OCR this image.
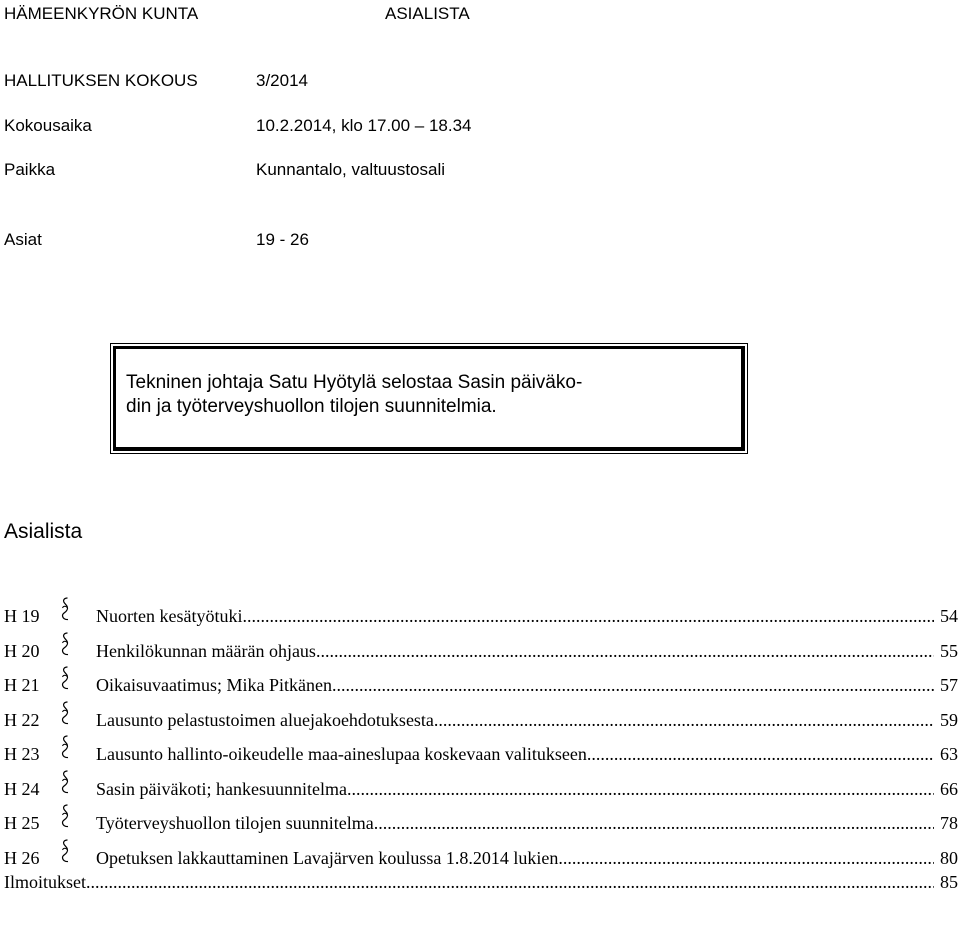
HÄMEENKYRÖN KUNTA	ASIALISTA
HALLITUKSEN KOKOUS	3/2014
Kokousaika	10.2.2014, klo 17.00 – 18.34
Paikka	Kunnantalo, valtuustosali
Asiat	19 - 26
Tekninen johtaja Satu Hyötylä selostaa Sasin päiväko-
din ja työterveyshuollon tilojen suunnitelmia.
Asialista
H 19	Nuorten kesätyötuki .....	54
H 20	Henkilökunnan määrän ohjaus .....	55
H 21	Oikaisuvaatimus; Mika Pitkänen .....	57
H 22	Lausunto pelastustoimen aluejakoehdotuksesta .....	59
H 23	Lausunto hallinto-oikeudelle maa-aineslupaa koskevaan valitukseen .....	63
H 24	Sasin päiväkoti; hankesuunnitelma .....	66
H 25	Työterveyshuollon tilojen suunnitelma .....	78
H 26	Opetuksen lakkauttaminen Lavajärven koulussa 1.8.2014 lukien .....	80
Ilmoitukset .....	85
